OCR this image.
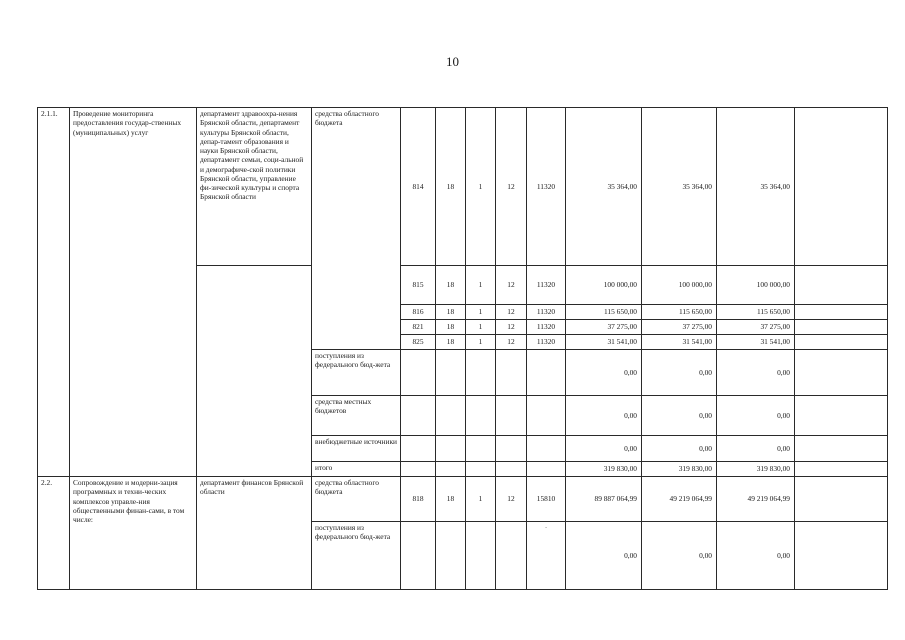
10
2.1.1.	Проведение мониторинга предоставления государ-ственных (муниципальных) услуг	департамент здравоохра-нения Брянской области, департамент культуры Брянской области, депар-тамент образования и науки Брянской области, департамент семьи, соци-альной и демографиче-ской политики Брянской области, управление фи-зической культуры и спорта Брянской области	средства областного бюджета	814	18	1	12	11320	35 364,00	35 364,00	35 364,00	
				815	18	1	12	11320	100 000,00	100 000,00	100 000,00	
				816	18	1	12	11320	115 650,00	115 650,00	115 650,00	
				821	18	1	12	11320	37 275,00	37 275,00	37 275,00	
				825	18	1	12	11320	31 541,00	31 541,00	31 541,00	
			поступления из федерального бюд-жета						0,00	0,00	0,00	
			средства местных бюджетов						0,00	0,00	0,00	
			внебюджетные источники						0,00	0,00	0,00	
			итого						319 830,00	319 830,00	319 830,00	

2.2.	Сопровождение и модерни-зация программных и техни-ческих комплексов управле-ния общественными финан-сами, в том числе:	департамент финансов Брянской области	средства областного бюджета	818	18	1	12	15810	89 887 064,99	49 219 064,99	49 219 064,99	
			поступления из федерального бюд-жета					·	0,00	0,00	0,00	
